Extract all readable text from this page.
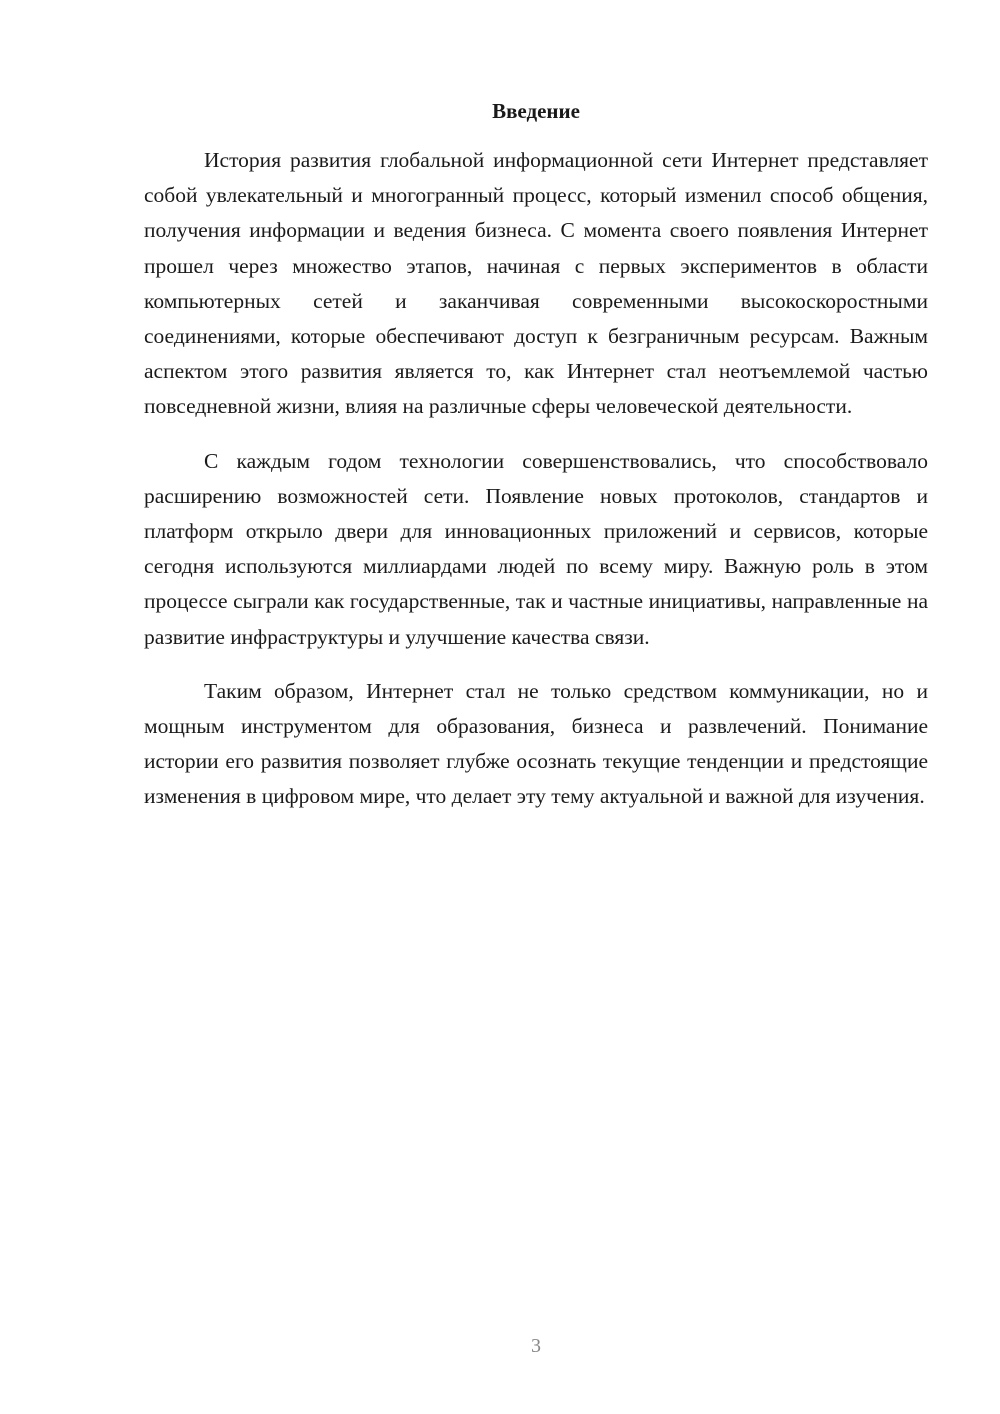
Введение

История развития глобальной информационной сети Интернет представляет собой увлекательный и многогранный процесс, который изменил способ общения, получения информации и ведения бизнеса. С момента своего появления Интернет прошел через множество этапов, начиная с первых экспериментов в области компьютерных сетей и заканчивая современными высокоскоростными соединениями, которые обеспечивают доступ к безграничным ресурсам. Важным аспектом этого развития является то, как Интернет стал неотъемлемой частью повседневной жизни, влияя на различные сферы человеческой деятельности.

С каждым годом технологии совершенствовались, что способствовало расширению возможностей сети. Появление новых протоколов, стандартов и платформ открыло двери для инновационных приложений и сервисов, которые сегодня используются миллиардами людей по всему миру. Важную роль в этом процессе сыграли как государственные, так и частные инициативы, направленные на развитие инфраструктуры и улучшение качества связи.

Таким образом, Интернет стал не только средством коммуникации, но и мощным инструментом для образования, бизнеса и развлечений. Понимание истории его развития позволяет глубже осознать текущие тенденции и предстоящие изменения в цифровом мире, что делает эту тему актуальной и важной для изучения.

3
